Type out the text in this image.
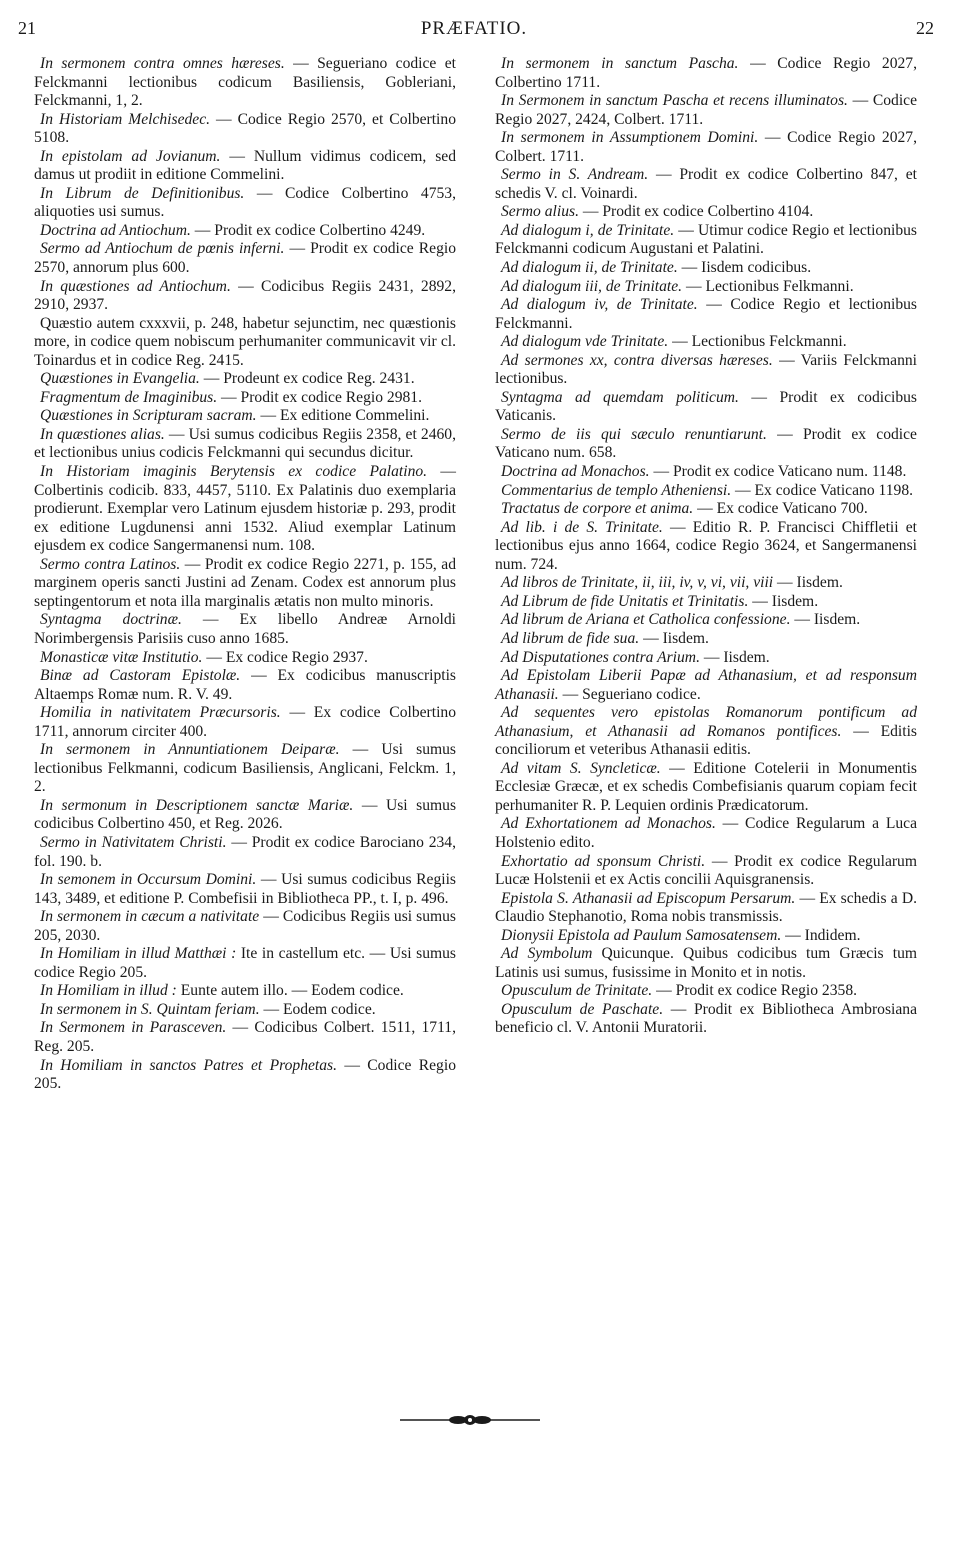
21	PRÆFATIO.	22

In sermonem contra omnes hæreses. — Segueriano codice et Felckmanni lectionibus codicum Basiliensis, Gobleriani, Felckmanni, 1, 2.

In Historiam Melchisedec. — Codice Regio 2570, et Colbertino 5108.

In epistolam ad Jovianum. — Nullum vidimus codicem, sed damus ut prodiit in editione Commelini.

In Librum de Definitionibus. — Codice Colbertino 4753, aliquoties usi sumus.

Doctrina ad Antiochum. — Prodit ex codice Colbertino 4249.

Sermo ad Antiochum de pœnis inferni. — Prodit ex codice Regio 2570, annorum plus 600.

In quæstiones ad Antiochum. — Codicibus Regiis 2431, 2892, 2910, 2937.

Quæstio autem cxxxvii, p. 248, habetur sejunctim, nec quæstionis more, in codice quem nobiscum perhumaniter communicavit vir cl. Toinardus et in codice Reg. 2415.

Quæstiones in Evangelia. — Prodeunt ex codice Reg. 2431.

Fragmentum de Imaginibus. — Prodit ex codice Regio 2981.

Quæstiones in Scripturam sacram. — Ex editione Commelini.

In quæstiones alias. — Usi sumus codicibus Regiis 2358, et 2460, et lectionibus unius codicis Felckmanni qui secundus dicitur.

In Historiam imaginis Berytensis ex codice Palatino. — Colbertinis codicib. 833, 4457, 5110. Ex Palatinis duo exemplaria prodierunt. Exemplar vero Latinum ejusdem historiæ p. 293, prodit ex editione Lugdunensi anni 1532. Aliud exemplar Latinum ejusdem ex codice Sangermanensi num. 108.

Sermo contra Latinos. — Prodit ex codice Regio 2271, p. 155, ad marginem operis sancti Justini ad Zenam. Codex est annorum plus septingentorum et nota illa marginalis ætatis non multo minoris.

Syntagma doctrinæ. — Ex libello Andreæ Arnoldi Norimbergensis Parisiis cuso anno 1685.

Monasticæ vitæ Institutio. — Ex codice Regio 2937.

Binæ ad Castoram Epistolæ. — Ex codicibus manuscriptis Altaemps Romæ num. R. V. 49.

Homilia in nativitatem Præcursoris. — Ex codice Colbertino 1711, annorum circiter 400.

In sermonem in Annuntiationem Deiparæ. — Usi sumus lectionibus Felkmanni, codicum Basiliensis, Anglicani, Felckm. 1, 2.

In sermonum in Descriptionem sanctæ Mariæ. — Usi sumus codicibus Colbertino 450, et Reg. 2026.

Sermo in Nativitatem Christi. — Prodit ex codice Barociano 234, fol. 190. b.

In semonem in Occursum Domini. — Usi sumus codicibus Regiis 143, 3489, et editione P. Combefisii in Bibliotheca PP., t. I, p. 496.

In sermonem in cæcum a nativitate — Codicibus Regiis usi sumus 205, 2030.

In Homiliam in illud Matthæi : Ite in castellum etc. — Usi sumus codice Regio 205.

In Homiliam in illud : Eunte autem illo. — Eodem codice.

In sermonem in S. Quintam feriam. — Eodem codice.

In Sermonem in Parasceven. — Codicibus Colbert. 1511, 1711, Reg. 205.

In Homiliam in sanctos Patres et Prophetas. — Codice Regio 205.

In sermonem in sanctum Pascha. — Codice Regio 2027, Colbertino 1711.

In Sermonem in sanctum Pascha et recens illuminatos. — Codice Regio 2027, 2424, Colbert. 1711.

In sermonem in Assumptionem Domini. — Codice Regio 2027, Colbert. 1711.

Sermo in S. Andream. — Prodit ex codice Colbertino 847, et schedis V. cl. Voinardi.

Sermo alius. — Prodit ex codice Colbertino 4104.

Ad dialogum i, de Trinitate. — Utimur codice Regio et lectionibus Felckmanni codicum Augustani et Palatini.

Ad dialogum ii, de Trinitate. — Iisdem codicibus.

Ad dialogum iii, de Trinitate. — Lectionibus Felkmanni.

Ad dialogum iv, de Trinitate. — Codice Regio et lectionibus Felckmanni.

Ad dialogum vde Trinitate. — Lectionibus Felckmanni.

Ad sermones xx, contra diversas hæreses. — Variis Felckmanni lectionibus.

Syntagma ad quemdam politicum. — Prodit ex codicibus Vaticanis.

Sermo de iis qui sæculo renuntiarunt. — Prodit ex codice Vaticano num. 658.

Doctrina ad Monachos. — Prodit ex codice Vaticano num. 1148.

Commentarius de templo Atheniensi. — Ex codice Vaticano 1198.

Tractatus de corpore et anima. — Ex codice Vaticano 700.

Ad lib. i de S. Trinitate. — Editio R. P. Francisci Chiffletii et lectionibus ejus anno 1664, codice Regio 3624, et Sangermanensi num. 724.

Ad libros de Trinitate, ii, iii, iv, v, vi, vii, viii — Iisdem.

Ad Librum de fide Unitatis et Trinitatis. — Iisdem.

Ad librum de Ariana et Catholica confessione. — Iisdem.

Ad librum de fide sua. — Iisdem.

Ad Disputationes contra Arium. — Iisdem.

Ad Epistolam Liberii Papæ ad Athanasium, et ad responsum Athanasii. — Segueriano codice.

Ad sequentes vero epistolas Romanorum pontificum ad Athanasium, et Athanasii ad Romanos pontifices. — Editis conciliorum et veteribus Athanasii editis.

Ad vitam S. Syncleticæ. — Editione Cotelerii in Monumentis Ecclesiæ Græcæ, et ex schedis Combefisianis quarum copiam fecit perhumaniter R. P. Lequien ordinis Prædicatorum.

Ad Exhortationem ad Monachos. — Codice Regularum a Luca Holstenio edito.

Exhortatio ad sponsum Christi. — Prodit ex codice Regularum Lucæ Holstenii et ex Actis concilii Aquisgranensis.

Epistola S. Athanasii ad Episcopum Persarum. — Ex schedis a D. Claudio Stephanotio, Roma nobis transmissis.

Dionysii Epistola ad Paulum Samosatensem. — Indidem.

Ad Symbolum Quicunque. Quibus codicibus tum Græcis tum Latinis usi sumus, fusissime in Monito et in notis.

Opusculum de Trinitate. — Prodit ex codice Regio 2358.

Opusculum de Paschate. — Prodit ex Bibliotheca Ambrosiana beneficio cl. V. Antonii Muratorii.
